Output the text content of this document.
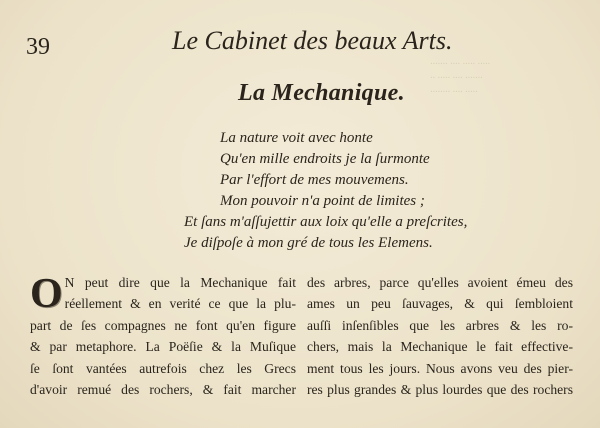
······· ···· ····· ·····
·· ····· ···· ·······
········ ···· ·····
39	Le Cabinet des beaux Arts.
La Mechanique.
La nature voit avec honte
Qu'en mille endroits je la ſurmonte
Par l'effort de mes mouvemens.
Mon pouvoir n'a point de limites ;
Et ſans m'aſſujettir aux loix qu'elle a preſcrites,
Je diſpoſe à mon gré de tous les Elemens.
O N peut dire que la Mechanique fait
réellement & en verité ce que la plu-
part de ſes compagnes ne font qu'en figure
& par metaphore. La Poëſie & la Muſique
ſe ſont vantées autrefois chez les Grecs
d'avoir remué des rochers, & fait marcher
des arbres, parce qu'elles avoient émeu des
ames un peu ſauvages, & qui ſembloient
auſſi inſenſibles que les arbres & les ro-
chers, mais la Mechanique le fait effective-
ment tous les jours. Nous avons veu des pier-
res plus grandes & plus lourdes que des rochers
